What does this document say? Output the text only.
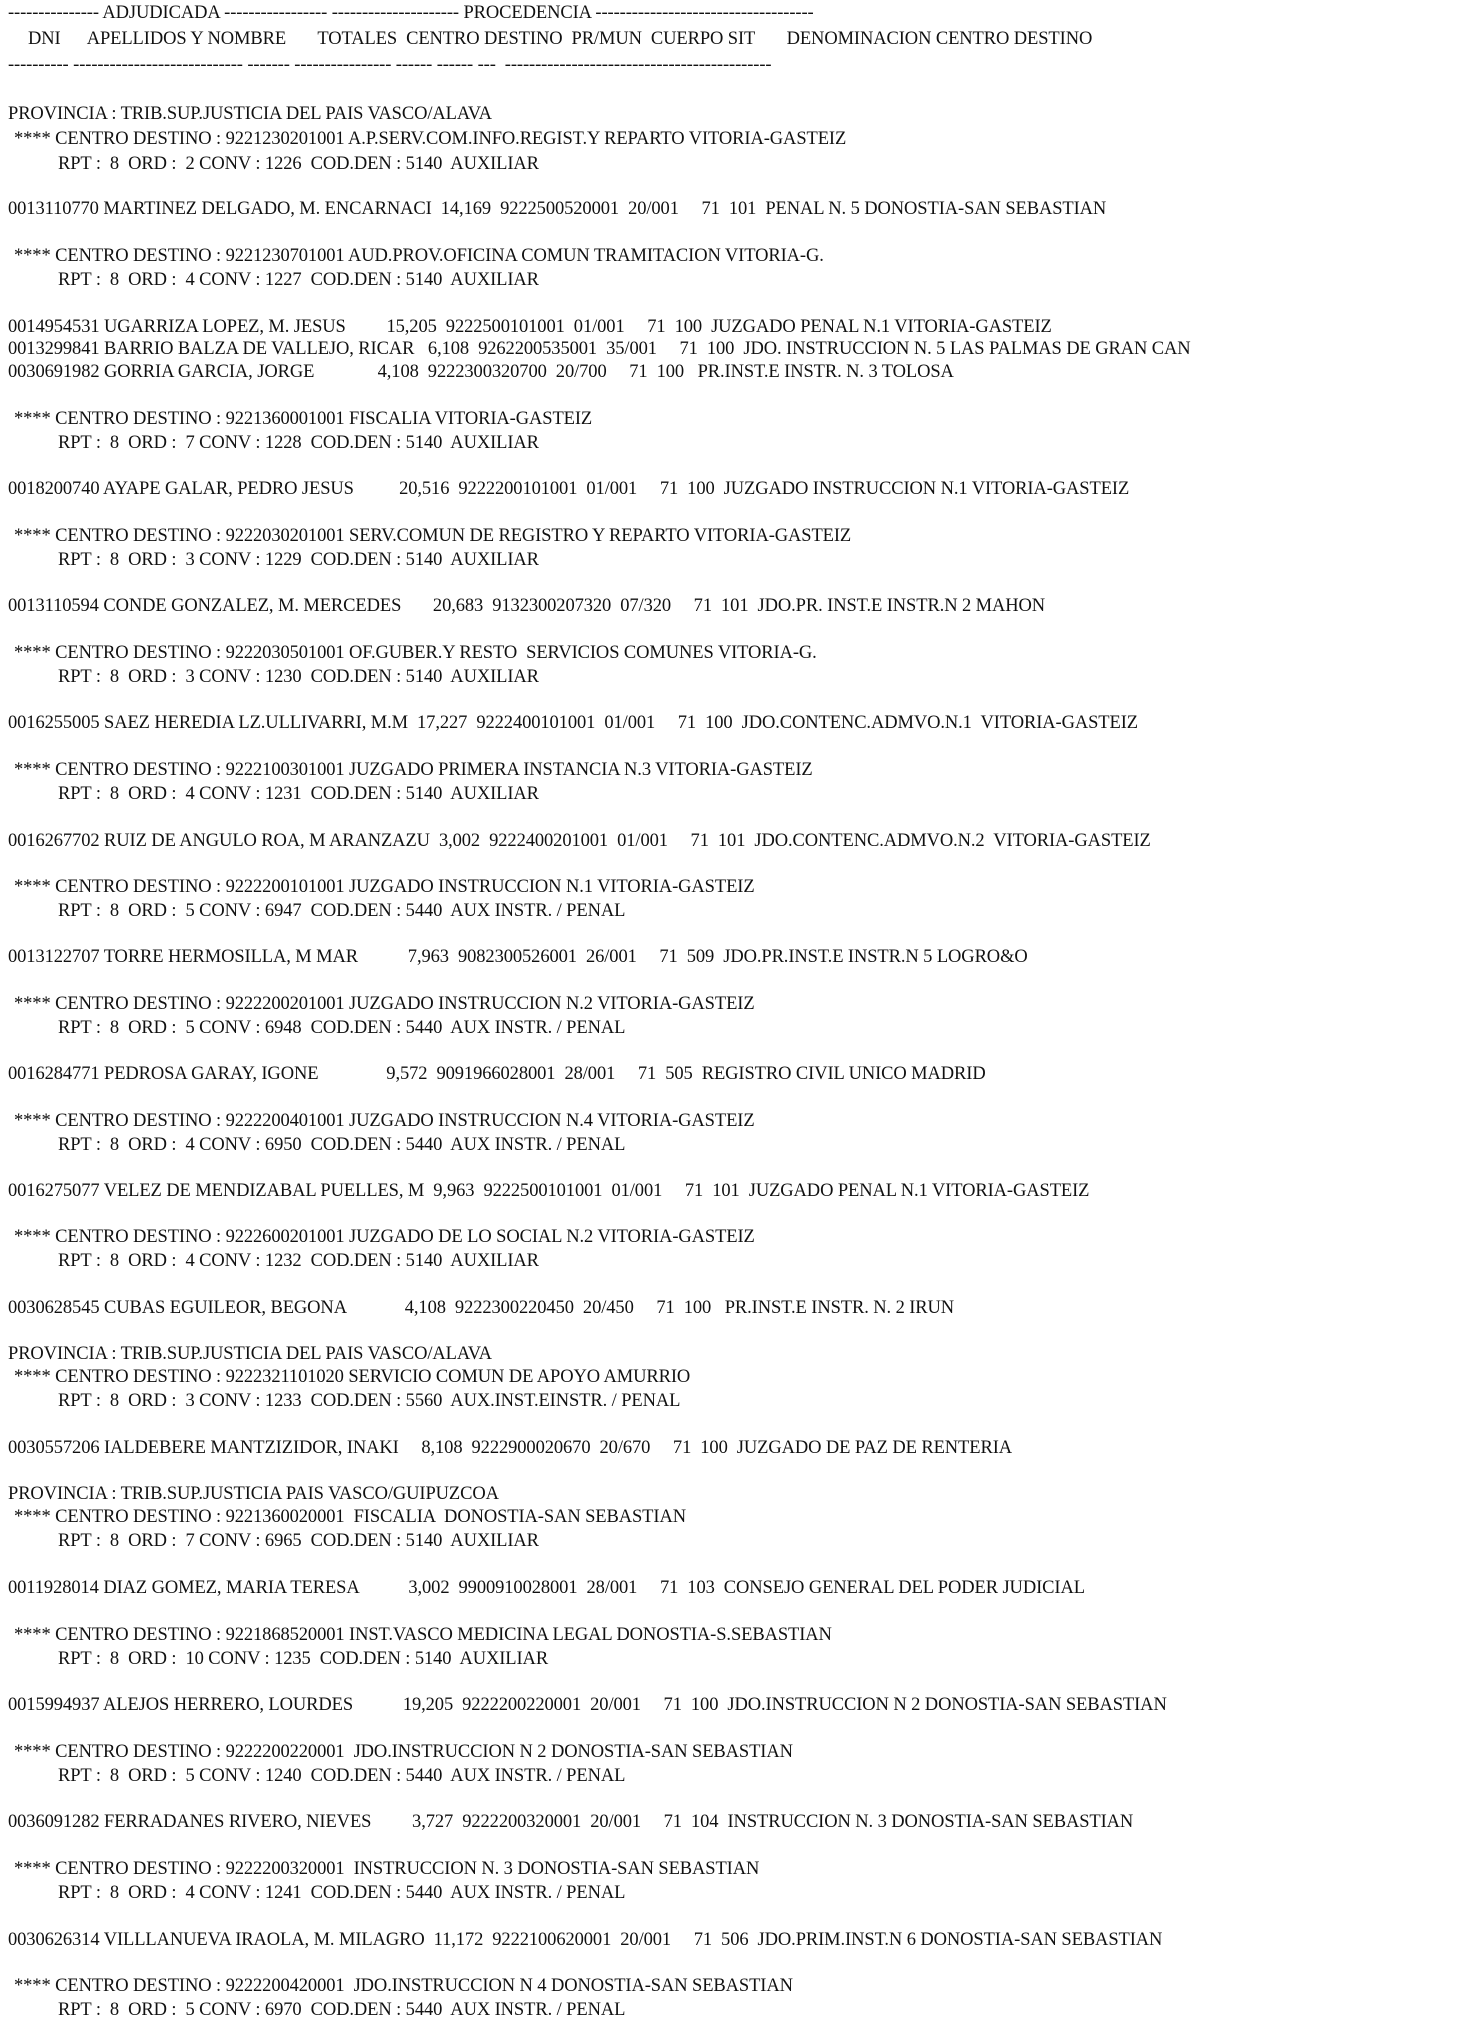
--------------- ADJUDICADA ----------------- --------------------- PROCEDENCIA ------------------------------------
DNI      APELLIDOS Y NOMBRE       TOTALES  CENTRO DESTINO  PR/MUN  CUERPO SIT       DENOMINACION CENTRO DESTINO
---------- ---------------------------- ------- ---------------- ------ ------ ---  --------------------------------------------
PROVINCIA : TRIB.SUP.JUSTICIA DEL PAIS VASCO/ALAVA
**** CENTRO DESTINO : 9221230201001 A.P.SERV.COM.INFO.REGIST.Y REPARTO VITORIA-GASTEIZ
RPT :  8  ORD :  2 CONV : 1226  COD.DEN : 5140  AUXILIAR
0013110770 MARTINEZ DELGADO, M. ENCARNACI  14,169  9222500520001  20/001     71  101  PENAL N. 5 DONOSTIA-SAN SEBASTIAN
**** CENTRO DESTINO : 9221230701001 AUD.PROV.OFICINA COMUN TRAMITACION VITORIA-G.
RPT :  8  ORD :  4 CONV : 1227  COD.DEN : 5140  AUXILIAR
0014954531 UGARRIZA LOPEZ, M. JESUS         15,205  9222500101001  01/001     71  100  JUZGADO PENAL N.1 VITORIA-GASTEIZ
0013299841 BARRIO BALZA DE VALLEJO, RICAR   6,108  9262200535001  35/001     71  100  JDO. INSTRUCCION N. 5 LAS PALMAS DE GRAN CAN
0030691982 GORRIA GARCIA, JORGE              4,108  9222300320700  20/700     71  100   PR.INST.E INSTR. N. 3 TOLOSA
**** CENTRO DESTINO : 9221360001001 FISCALIA VITORIA-GASTEIZ
RPT :  8  ORD :  7 CONV : 1228  COD.DEN : 5140  AUXILIAR
0018200740 AYAPE GALAR, PEDRO JESUS          20,516  9222200101001  01/001     71  100  JUZGADO INSTRUCCION N.1 VITORIA-GASTEIZ
**** CENTRO DESTINO : 9222030201001 SERV.COMUN DE REGISTRO Y REPARTO VITORIA-GASTEIZ
RPT :  8  ORD :  3 CONV : 1229  COD.DEN : 5140  AUXILIAR
0013110594 CONDE GONZALEZ, M. MERCEDES       20,683  9132300207320  07/320     71  101  JDO.PR. INST.E INSTR.N 2 MAHON
**** CENTRO DESTINO : 9222030501001 OF.GUBER.Y RESTO  SERVICIOS COMUNES VITORIA-G.
RPT :  8  ORD :  3 CONV : 1230  COD.DEN : 5140  AUXILIAR
0016255005 SAEZ HEREDIA LZ.ULLIVARRI, M.M  17,227  9222400101001  01/001     71  100  JDO.CONTENC.ADMVO.N.1  VITORIA-GASTEIZ
**** CENTRO DESTINO : 9222100301001 JUZGADO PRIMERA INSTANCIA N.3 VITORIA-GASTEIZ
RPT :  8  ORD :  4 CONV : 1231  COD.DEN : 5140  AUXILIAR
0016267702 RUIZ DE ANGULO ROA, M ARANZAZU  3,002  9222400201001  01/001     71  101  JDO.CONTENC.ADMVO.N.2  VITORIA-GASTEIZ
**** CENTRO DESTINO : 9222200101001 JUZGADO INSTRUCCION N.1 VITORIA-GASTEIZ
RPT :  8  ORD :  5 CONV : 6947  COD.DEN : 5440  AUX INSTR. / PENAL
0013122707 TORRE HERMOSILLA, M MAR           7,963  9082300526001  26/001     71  509  JDO.PR.INST.E INSTR.N 5 LOGRO&O
**** CENTRO DESTINO : 9222200201001 JUZGADO INSTRUCCION N.2 VITORIA-GASTEIZ
RPT :  8  ORD :  5 CONV : 6948  COD.DEN : 5440  AUX INSTR. / PENAL
0016284771 PEDROSA GARAY, IGONE               9,572  9091966028001  28/001     71  505  REGISTRO CIVIL UNICO MADRID
**** CENTRO DESTINO : 9222200401001 JUZGADO INSTRUCCION N.4 VITORIA-GASTEIZ
RPT :  8  ORD :  4 CONV : 6950  COD.DEN : 5440  AUX INSTR. / PENAL
0016275077 VELEZ DE MENDIZABAL PUELLES, M  9,963  9222500101001  01/001     71  101  JUZGADO PENAL N.1 VITORIA-GASTEIZ
**** CENTRO DESTINO : 9222600201001 JUZGADO DE LO SOCIAL N.2 VITORIA-GASTEIZ
RPT :  8  ORD :  4 CONV : 1232  COD.DEN : 5140  AUXILIAR
0030628545 CUBAS EGUILEOR, BEGONA             4,108  9222300220450  20/450     71  100   PR.INST.E INSTR. N. 2 IRUN
PROVINCIA : TRIB.SUP.JUSTICIA DEL PAIS VASCO/ALAVA
**** CENTRO DESTINO : 9222321101020 SERVICIO COMUN DE APOYO AMURRIO
RPT :  8  ORD :  3 CONV : 1233  COD.DEN : 5560  AUX.INST.EINSTR. / PENAL
0030557206 IALDEBERE MANTZIZIDOR, INAKI     8,108  9222900020670  20/670     71  100  JUZGADO DE PAZ DE RENTERIA
PROVINCIA : TRIB.SUP.JUSTICIA PAIS VASCO/GUIPUZCOA
**** CENTRO DESTINO : 9221360020001  FISCALIA  DONOSTIA-SAN SEBASTIAN
RPT :  8  ORD :  7 CONV : 6965  COD.DEN : 5140  AUXILIAR
0011928014 DIAZ GOMEZ, MARIA TERESA           3,002  9900910028001  28/001     71  103  CONSEJO GENERAL DEL PODER JUDICIAL
**** CENTRO DESTINO : 9221868520001 INST.VASCO MEDICINA LEGAL DONOSTIA-S.SEBASTIAN
RPT :  8  ORD :  10 CONV : 1235  COD.DEN : 5140  AUXILIAR
0015994937 ALEJOS HERRERO, LOURDES           19,205  9222200220001  20/001     71  100  JDO.INSTRUCCION N 2 DONOSTIA-SAN SEBASTIAN
**** CENTRO DESTINO : 9222200220001  JDO.INSTRUCCION N 2 DONOSTIA-SAN SEBASTIAN
RPT :  8  ORD :  5 CONV : 1240  COD.DEN : 5440  AUX INSTR. / PENAL
0036091282 FERRADANES RIVERO, NIEVES         3,727  9222200320001  20/001     71  104  INSTRUCCION N. 3 DONOSTIA-SAN SEBASTIAN
**** CENTRO DESTINO : 9222200320001  INSTRUCCION N. 3 DONOSTIA-SAN SEBASTIAN
RPT :  8  ORD :  4 CONV : 1241  COD.DEN : 5440  AUX INSTR. / PENAL
0030626314 VILLLANUEVA IRAOLA, M. MILAGRO  11,172  9222100620001  20/001     71  506  JDO.PRIM.INST.N 6 DONOSTIA-SAN SEBASTIAN
**** CENTRO DESTINO : 9222200420001  JDO.INSTRUCCION N 4 DONOSTIA-SAN SEBASTIAN
RPT :  8  ORD :  5 CONV : 6970  COD.DEN : 5440  AUX INSTR. / PENAL
